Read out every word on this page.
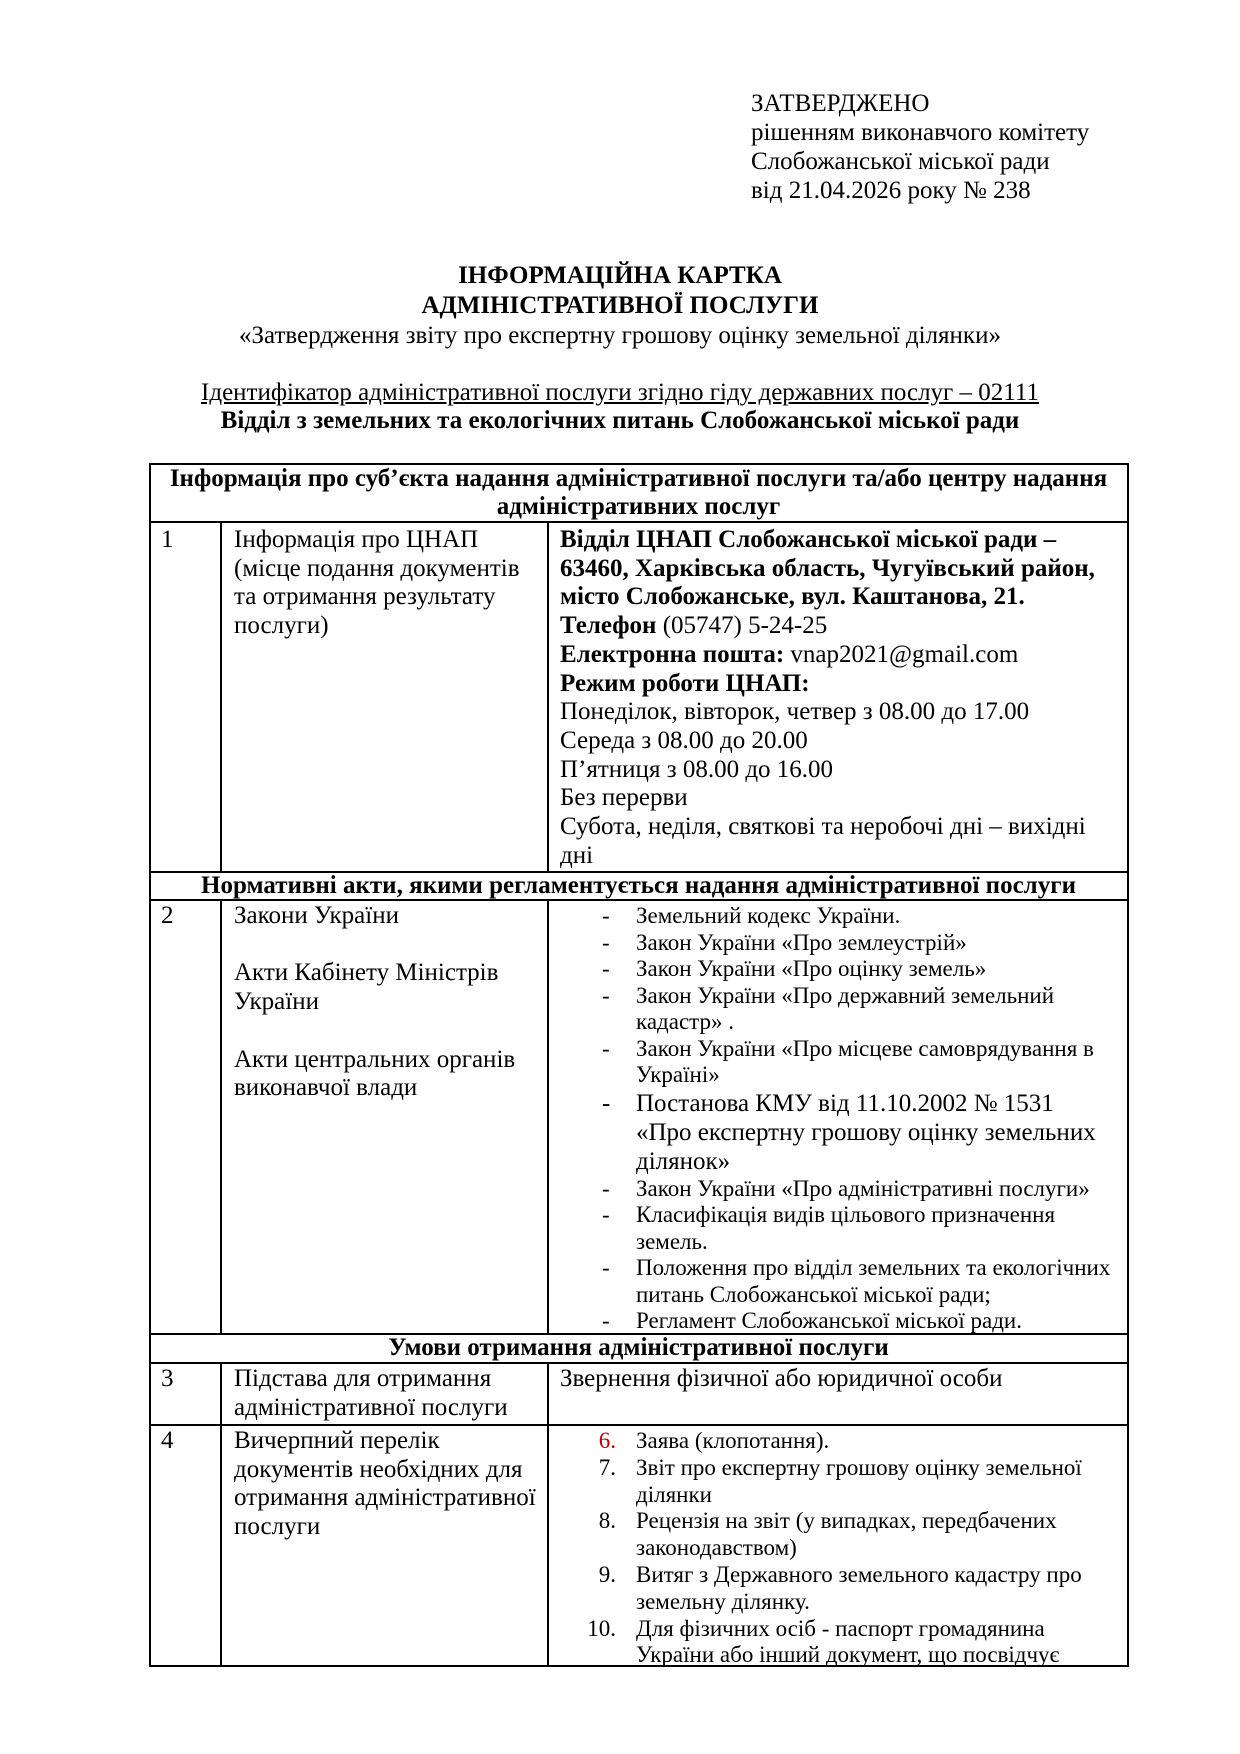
ЗАТВЕРДЖЕНО
рішенням виконавчого комітету
Слобожанської міської ради
від 21.04.2026 року № 238
ІНФОРМАЦІЙНА КАРТКА
АДМІНІСТРАТИВНОЇ ПОСЛУГИ
«Затвердження звіту про експертну грошову оцінку земельної ділянки»
Ідентифікатор адміністративної послуги згідно гіду державних послуг – 02111
Відділ з земельних та екологічних питань Слобожанської міської ради
Інформація про суб’єкта надання адміністративної послуги та/або центру надання
адміністративних послуг
1 Інформація про ЦНАП
(місце подання документів
та отримання результату
послуги)
Відділ ЦНАП Слобожанської міської ради –
63460, Харківська область, Чугуївський район,
місто Слобожанське, вул. Каштанова, 21.
Телефон (05747) 5-24-25
Електронна пошта: vnap2021@gmail.com
Режим роботи ЦНАП:
Понеділок, вівторок, четвер з 08.00 до 17.00
Середа з 08.00 до 20.00
П’ятниця з 08.00 до 16.00
Без перерви
Субота, неділя, святкові та неробочі дні – вихідні
дні
Нормативні акти, якими регламентується надання адміністративної послуги
2 Закони України

Акти Кабінету Міністрів
України

Акти центральних органів
виконавчої влади
- Земельний кодекс України.
- Закон України «Про землеустрій»
- Закон України «Про оцінку земель»
- Закон України «Про державний земельний
кадастр» .
- Закон України «Про місцеве самоврядування в
Україні»
- Постанова КМУ від 11.10.2002 № 1531
«Про експертну грошову оцінку земельних
ділянок»
- Закон України «Про адміністративні послуги»
- Класифікація видів цільового призначення
земель.
- Положення про відділ земельних та екологічних
питань Слобожанської міської ради;
- Регламент Слобожанської міської ради.
Умови отримання адміністративної послуги
3 Підстава для отримання
адміністративної послуги
Звернення фізичної або юридичної особи
4 Вичерпний перелік
документів необхідних для
отримання адміністративної
послуги
6. Заява (клопотання).
7. Звіт про експертну грошову оцінку земельної
ділянки
8. Рецензія на звіт (у випадках, передбачених
законодавством)
9. Витяг з Державного земельного кадастру про
земельну ділянку.
10. Для фізичних осіб - паспорт громадянина
України або інший документ, що посвідчує
